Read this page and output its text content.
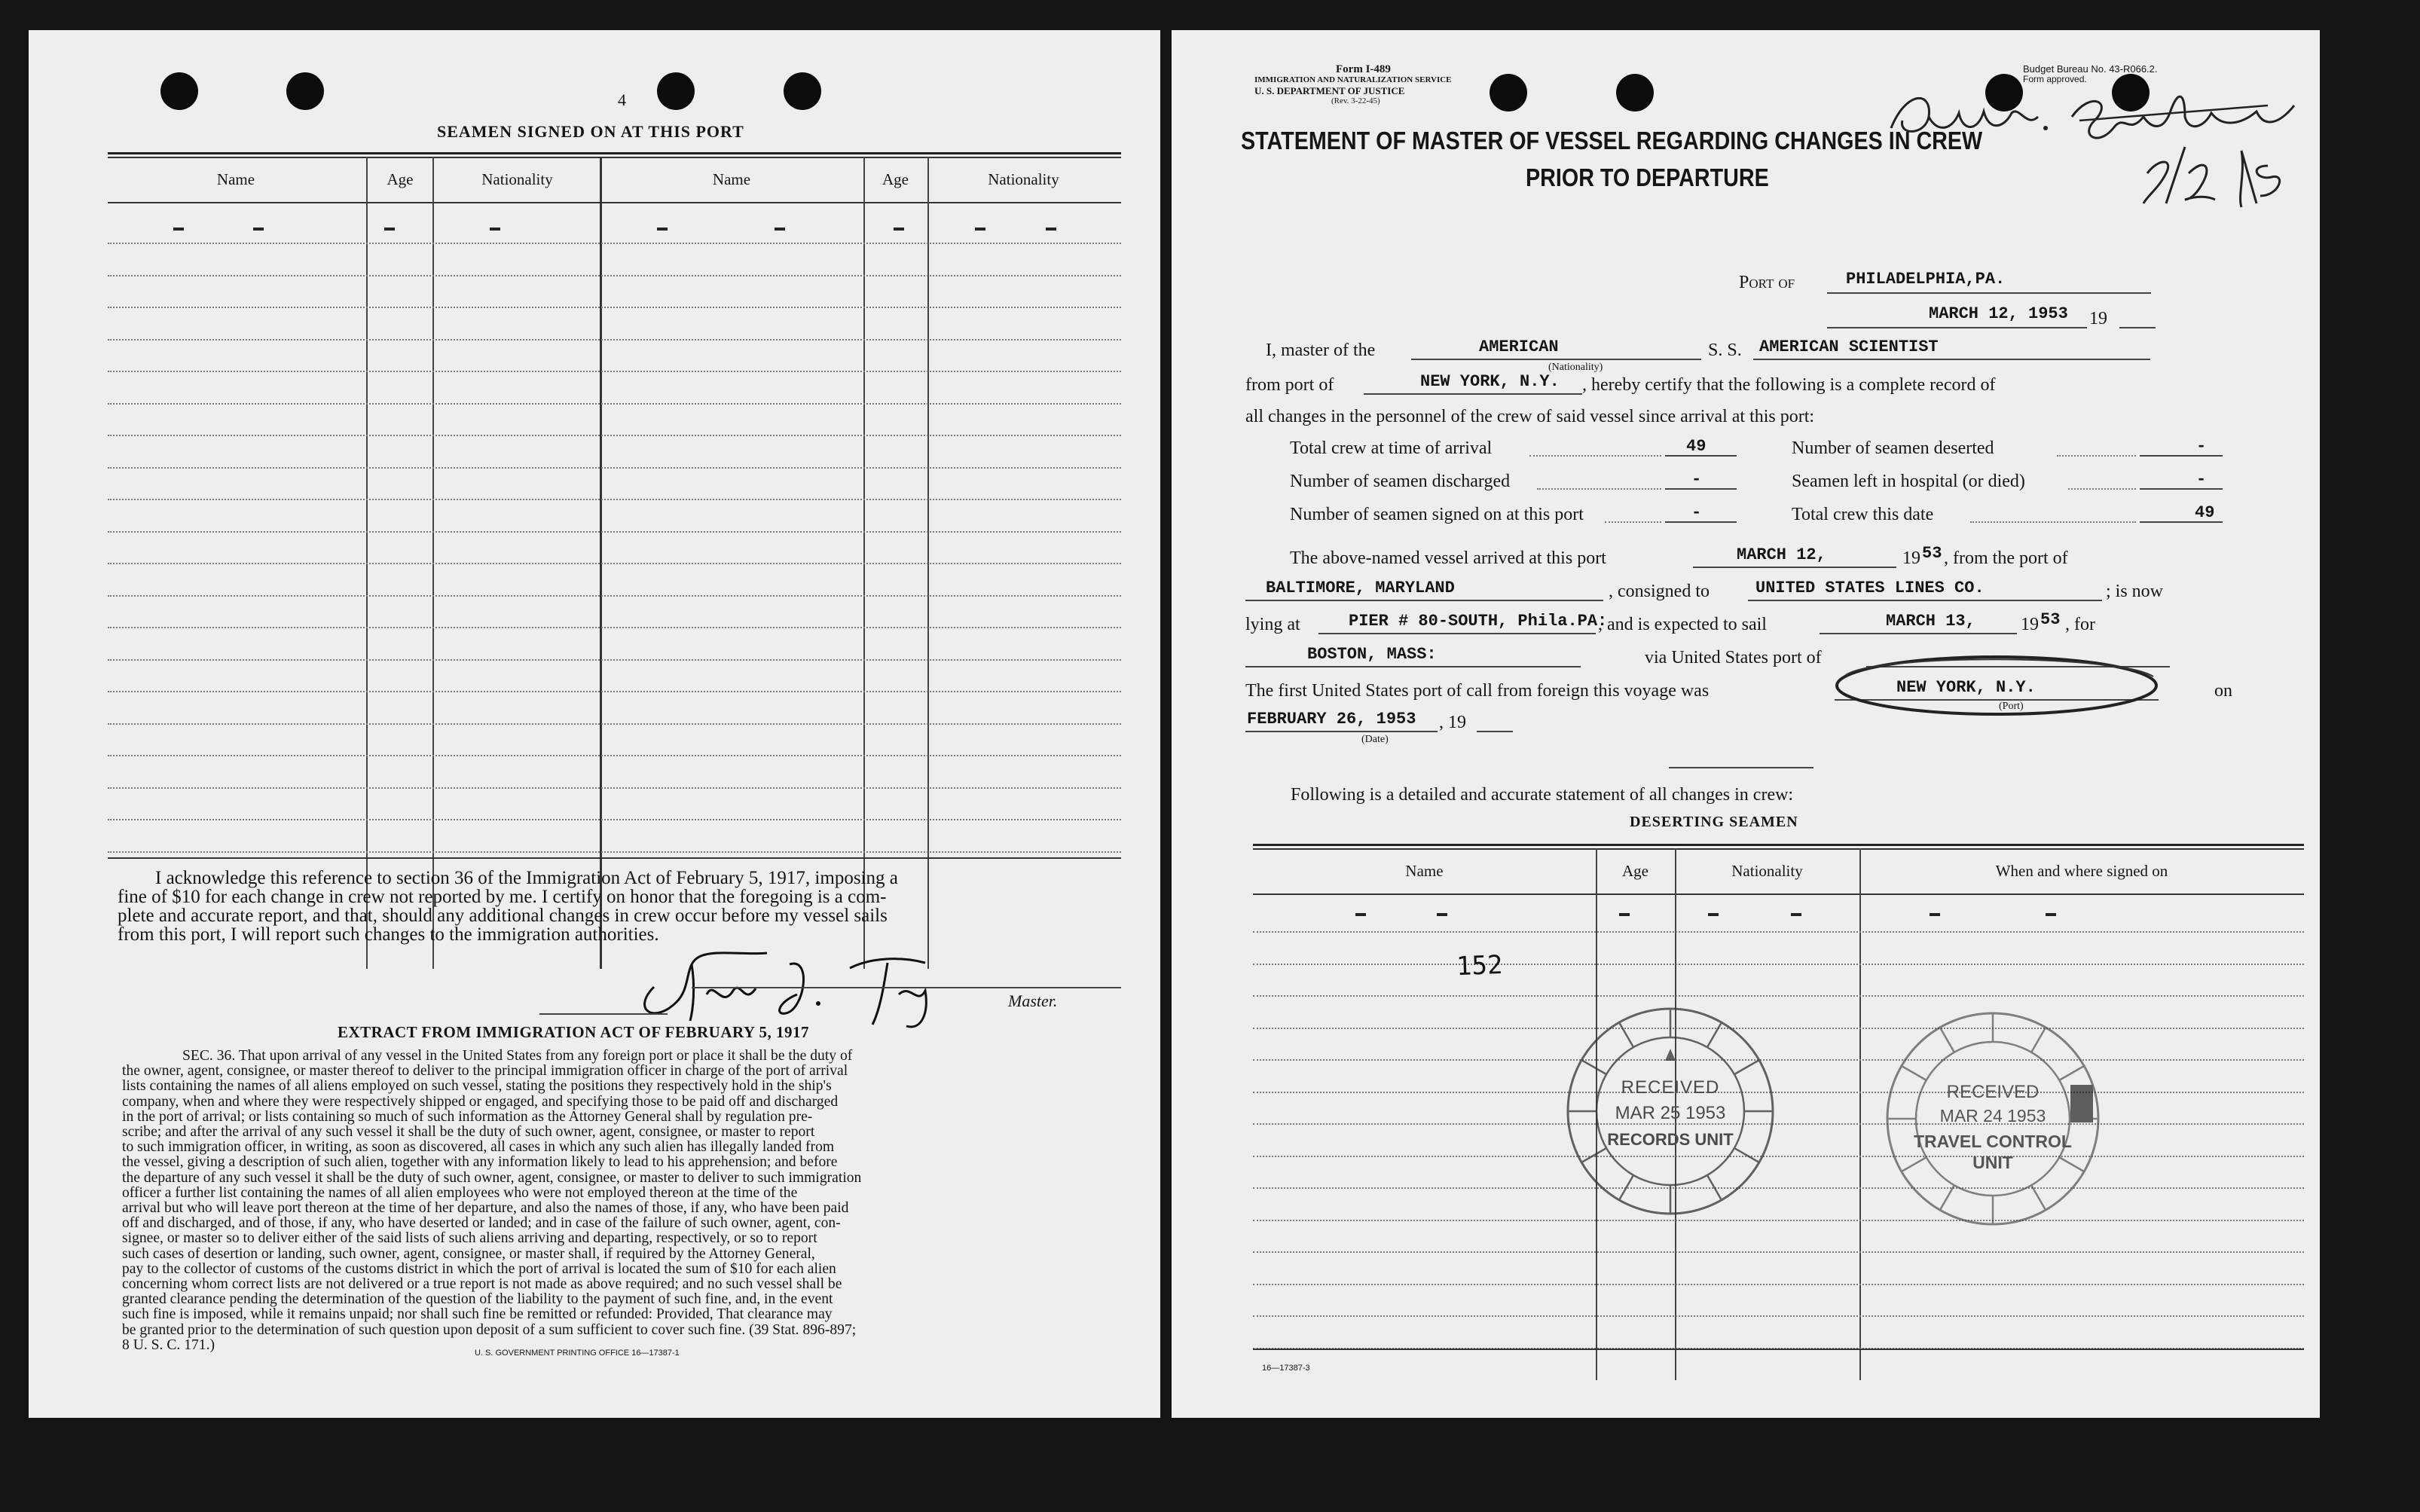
4
SEAMEN SIGNED ON AT THIS PORT
Name	Age	Nationality	Name	Age	Nationality
I acknowledge this reference to section 36 of the Immigration Act of February 5, 1917, imposing a
fine of $10 for each change in crew not reported by me. I certify on honor that the foregoing is a com-
plete and accurate report, and that, should any additional changes in crew occur before my vessel sails
from this port, I will report such changes to the immigration authorities.
Master.
EXTRACT FROM IMMIGRATION ACT OF FEBRUARY 5, 1917
SEC. 36. That upon arrival of any vessel in the United States from any foreign port or place it shall be the duty of
the owner, agent, consignee, or master thereof to deliver to the principal immigration officer in charge of the port of arrival
lists containing the names of all aliens employed on such vessel, stating the positions they respectively hold in the ship's
company, when and where they were respectively shipped or engaged, and specifying those to be paid off and discharged
in the port of arrival; or lists containing so much of such information as the Attorney General shall by regulation pre-
scribe; and after the arrival of any such vessel it shall be the duty of such owner, agent, consignee, or master to report
to such immigration officer, in writing, as soon as discovered, all cases in which any such alien has illegally landed from
the vessel, giving a description of such alien, together with any information likely to lead to his apprehension; and before
the departure of any such vessel it shall be the duty of such owner, agent, consignee, or master to deliver to such immigration
officer a further list containing the names of all alien employees who were not employed thereon at the time of the
arrival but who will leave port thereon at the time of her departure, and also the names of those, if any, who have been paid
off and discharged, and of those, if any, who have deserted or landed; and in case of the failure of such owner, agent, con-
signee, or master so to deliver either of the said lists of such aliens arriving and departing, respectively, or so to report
such cases of desertion or landing, such owner, agent, consignee, or master shall, if required by the Attorney General,
pay to the collector of customs of the customs district in which the port of arrival is located the sum of $10 for each alien
concerning whom correct lists are not delivered or a true report is not made as above required; and no such vessel shall be
granted clearance pending the determination of the question of the liability to the payment of such fine, and, in the event
such fine is imposed, while it remains unpaid; nor shall such fine be remitted or refunded: Provided, That clearance may
be granted prior to the determination of such question upon deposit of a sum sufficient to cover such fine. (39 Stat. 896-897;
8 U. S. C. 171.)
U. S. GOVERNMENT PRINTING OFFICE 16—17387-1
Form I-489
IMMIGRATION AND NATURALIZATION SERVICE
U. S. DEPARTMENT OF JUSTICE
(Rev. 3-22-45)
Budget Bureau No. 43-R066.2.
Form approved.
STATEMENT OF MASTER OF VESSEL REGARDING CHANGES IN CREW
PRIOR TO DEPARTURE
Port of	PHILADELPHIA,PA.
MARCH 12, 1953 19
I, master of the	AMERICAN
(Nationality)
S. S. AMERICAN SCIENTIST
from port of	NEW YORK, N.Y. , hereby certify that the following is a complete record of
all changes in the personnel of the crew of said vessel since arrival at this port:
Total crew at time of arrival	49
Number of seamen discharged	-
Number of seamen signed on at this port	-
Number of seamen deserted	-
Seamen left in hospital (or died)	-
Total crew this date	49
The above-named vessel arrived at this port	MARCH 12,	19 53 , from the port of
BALTIMORE, MARYLAND	, consigned to	UNITED STATES LINES CO.	; is now
lying at	PIER # 80-SOUTH, Phila.PA:
, and is expected to sail	MARCH 13,	19 53 , for
BOSTON, MASS:	via United States port of
The first United States port of call from foreign this voyage was	NEW YORK, N.Y.
(Port)
on
FEBRUARY 26, 1953 , 19
(Date)
Following is a detailed and accurate statement of all changes in crew:
DESERTING SEAMEN
Name	Age	Nationality	When and where signed on
152
RECEIVED
MAR 25 1953
RECORDS UNIT
RECEIVED
MAR 24 1953
TRAVEL CONTROL
UNIT
16—17387-3
